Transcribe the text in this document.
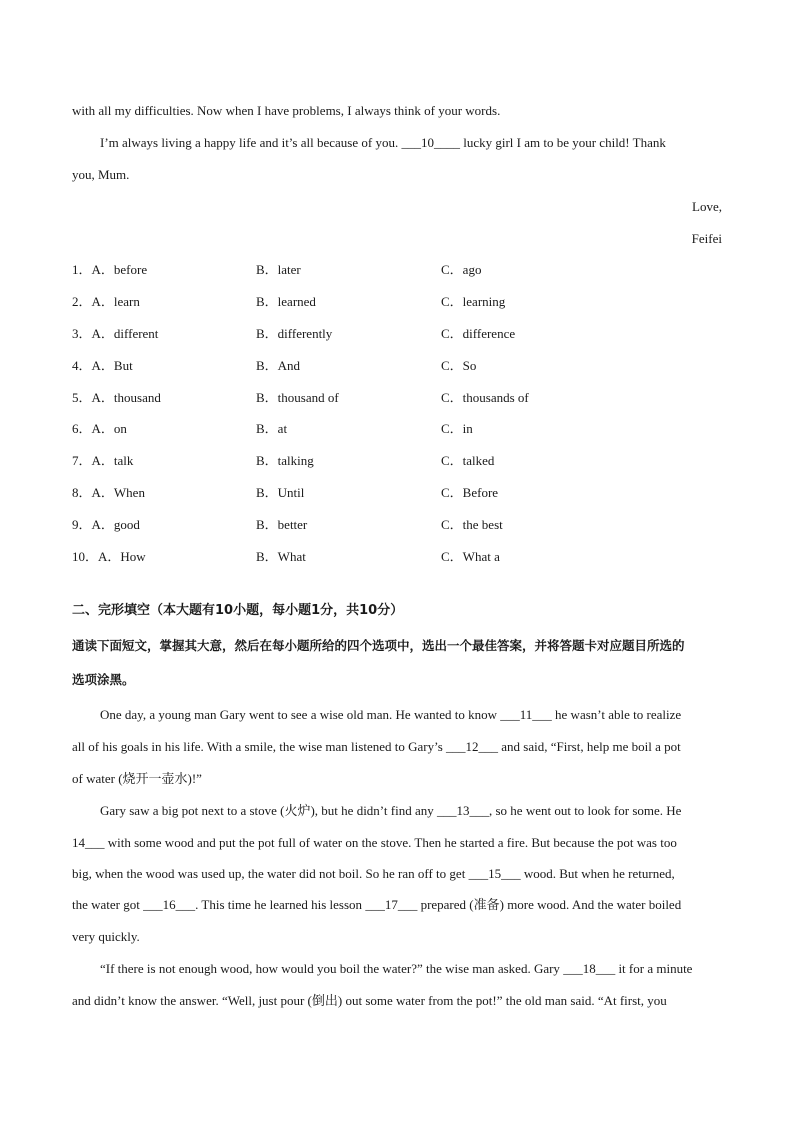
with all my difficulties. Now when I have problems, I always think of your words.
I’m always living a happy life and it’s all because of you. ___10____ lucky girl I am to be your child! Thank
you, Mum.
Love,
Feifei
1．A．before	B．later	C．ago
2．A．learn	B．learned	C．learning
3．A．different	B．differently	C．difference
4．A．But	B．And	C．So
5．A．thousand	B．thousand of	C．thousands of
6．A．on	B．at	C．in
7．A．talk	B．talking	C．talked
8．A．When	B．Until	C．Before
9．A．good	B．better	C．the best
10．A．How	B．What	C．What a
二、完形填空（本大题有10小题，每小题1分，共10分）
通读下面短文，掌握其大意，然后在每小题所给的四个选项中，选出一个最佳答案，并将答题卡对应题目所选的
选项涂黑。
One day, a young man Gary went to see a wise old man. He wanted to know ___11___ he wasn’t able to realize
all of his goals in his life. With a smile, the wise man listened to Gary’s ___12___ and said, “First, help me boil a pot
of water (烧开一壶水)!”
Gary saw a big pot next to a stove (火炉), but he didn’t find any ___13___, so he went out to look for some. He
14___ with some wood and put the pot full of water on the stove. Then he started a fire. But because the pot was too
big, when the wood was used up, the water did not boil. So he ran off to get ___15___ wood. But when he returned,
the water got ___16___. This time he learned his lesson ___17___ prepared (准备) more wood. And the water boiled
very quickly.
“If there is not enough wood, how would you boil the water?” the wise man asked. Gary ___18___ it for a minute
and didn’t know the answer. “Well, just pour (倒出) out some water from the pot!” the old man said. “At first, you
